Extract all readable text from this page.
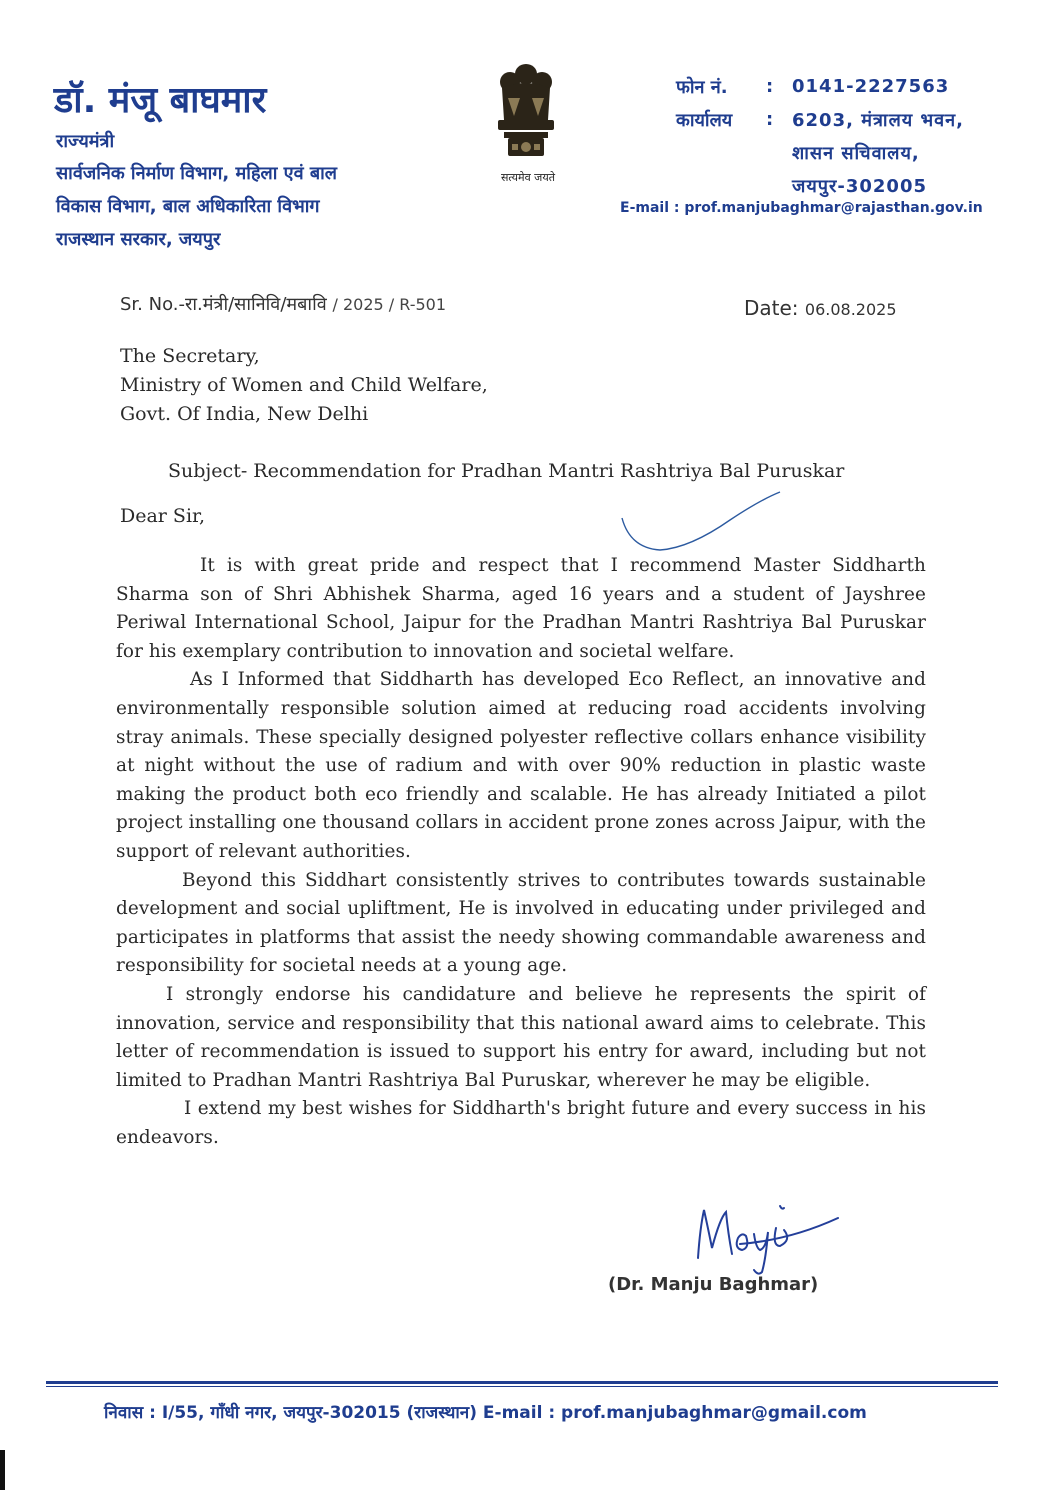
डॉ. मंजू बाघमार
राज्यमंत्री
सार्वजनिक निर्माण विभाग, महिला एवं बाल
विकास विभाग, बाल अधिकारिता विभाग
राजस्थान सरकार, जयपुर
सत्यमेव जयते
फोन नं.	:	0141-2227563
कार्यालय	:	6203, मंत्रालय भवन,
शासन सचिवालय,
जयपुर-302005
E-mail : prof.manjubaghmar@rajasthan.gov.in
Sr. No.-रा.मंत्री/सानिवि/मबावि / 2025 / R-501	Date: 06.08.2025
The Secretary,
Ministry of Women and Child Welfare,
Govt. Of India, New Delhi
Subject- Recommendation for Pradhan Mantri Rashtriya Bal Puruskar
Dear Sir,

It is with great pride and respect that I recommend Master Siddharth Sharma son of Shri Abhishek Sharma, aged 16 years and a student of Jayshree Periwal International School, Jaipur for the Pradhan Mantri Rashtriya Bal Puruskar for his exemplary contribution to innovation and societal welfare.

As I Informed that Siddharth has developed Eco Reflect, an innovative and environmentally responsible solution aimed at reducing road accidents involving stray animals. These specially designed polyester reflective collars enhance visibility at night without the use of radium and with over 90% reduction in plastic waste making the product both eco friendly and scalable. He has already Initiated a pilot project installing one thousand collars in accident prone zones across Jaipur, with the support of relevant authorities.

Beyond this Siddhart consistently strives to contributes towards sustainable development and social upliftment, He is involved in educating under privileged and participates in platforms that assist the needy showing commandable awareness and responsibility for societal needs at a young age.

I strongly endorse his candidature and believe he represents the spirit of innovation, service and responsibility that this national award aims to celebrate. This letter of recommendation is issued to support his entry for award, including but not limited to Pradhan Mantri Rashtriya Bal Puruskar, wherever he may be eligible.

I extend my best wishes for Siddharth's bright future and every success in his endeavors.

(Dr. Manju Baghmar)
निवास : I/55, गाँधी नगर, जयपुर-302015 (राजस्थान) E-mail : prof.manjubaghmar@gmail.com
